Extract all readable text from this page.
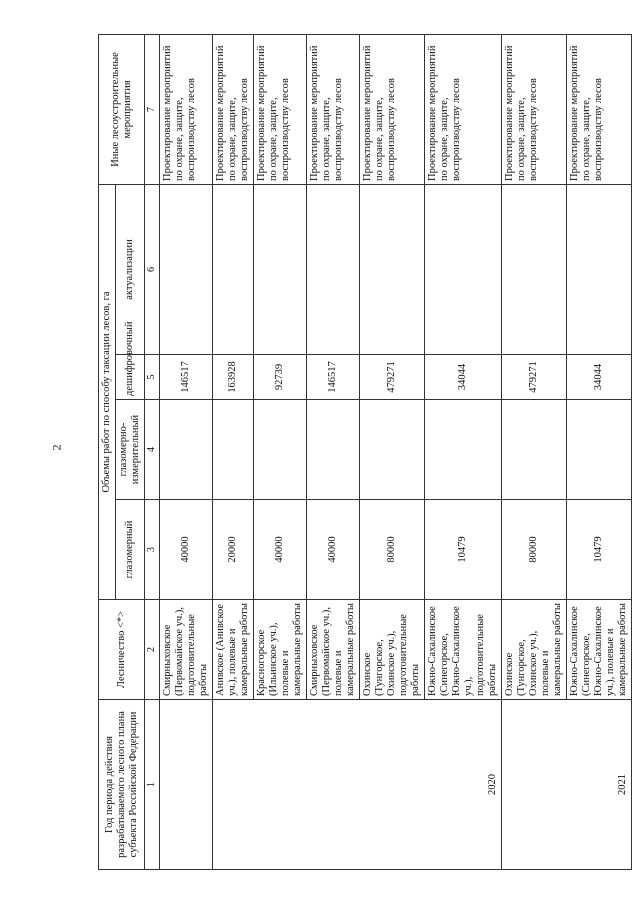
2
Год периода действия разрабатываемого лесного плана субъекта Российской Федерации	Лесничество <*>	Объемы работ по способу таксации лесов, га				Иные лесоустроительные мероприятия
		глазомерный	глазомерно-измерительный	дешифровочный	актуализации	
1	2	3	4	5	6	7
	Смирныховское (Первомайское уч.), подготовительные работы	40000		146517		Проектирование мероприятий по охране, защите, воспроизводству лесов
2020	Анивское (Анивское уч.), полевые и камеральные работы	20000		163928		Проектирование мероприятий по охране, защите, воспроизводству лесов
	Красногорское (Ильинское уч.), полевые и камеральные работы	40000		92739		Проектирование мероприятий по охране, защите, воспроизводству лесов
	Смирныховское (Первомайское уч.), полевые и камеральные работы	40000		146517		Проектирование мероприятий по охране, защите, воспроизводству лесов
	Охинское (Тунгорское, Охинское уч.), подготовительные работы	80000		479271		Проектирование мероприятий по охране, защите, воспроизводству лесов
	Южно-Сахалинское (Синегорское, Южно-Сахалинское уч.), подготовительные работы	10479		34044		Проектирование мероприятий по охране, защите, воспроизводству лесов
2021	Охинское (Тунгорское, Охинское уч.), полевые и камеральные работы	80000		479271		Проектирование мероприятий по охране, защите, воспроизводству лесов
	Южно-Сахалинское (Синегорское, Южно-Сахалинское уч.), полевые и камеральные работы	10479		34044		Проектирование мероприятий по охране, защите, воспроизводству лесов
